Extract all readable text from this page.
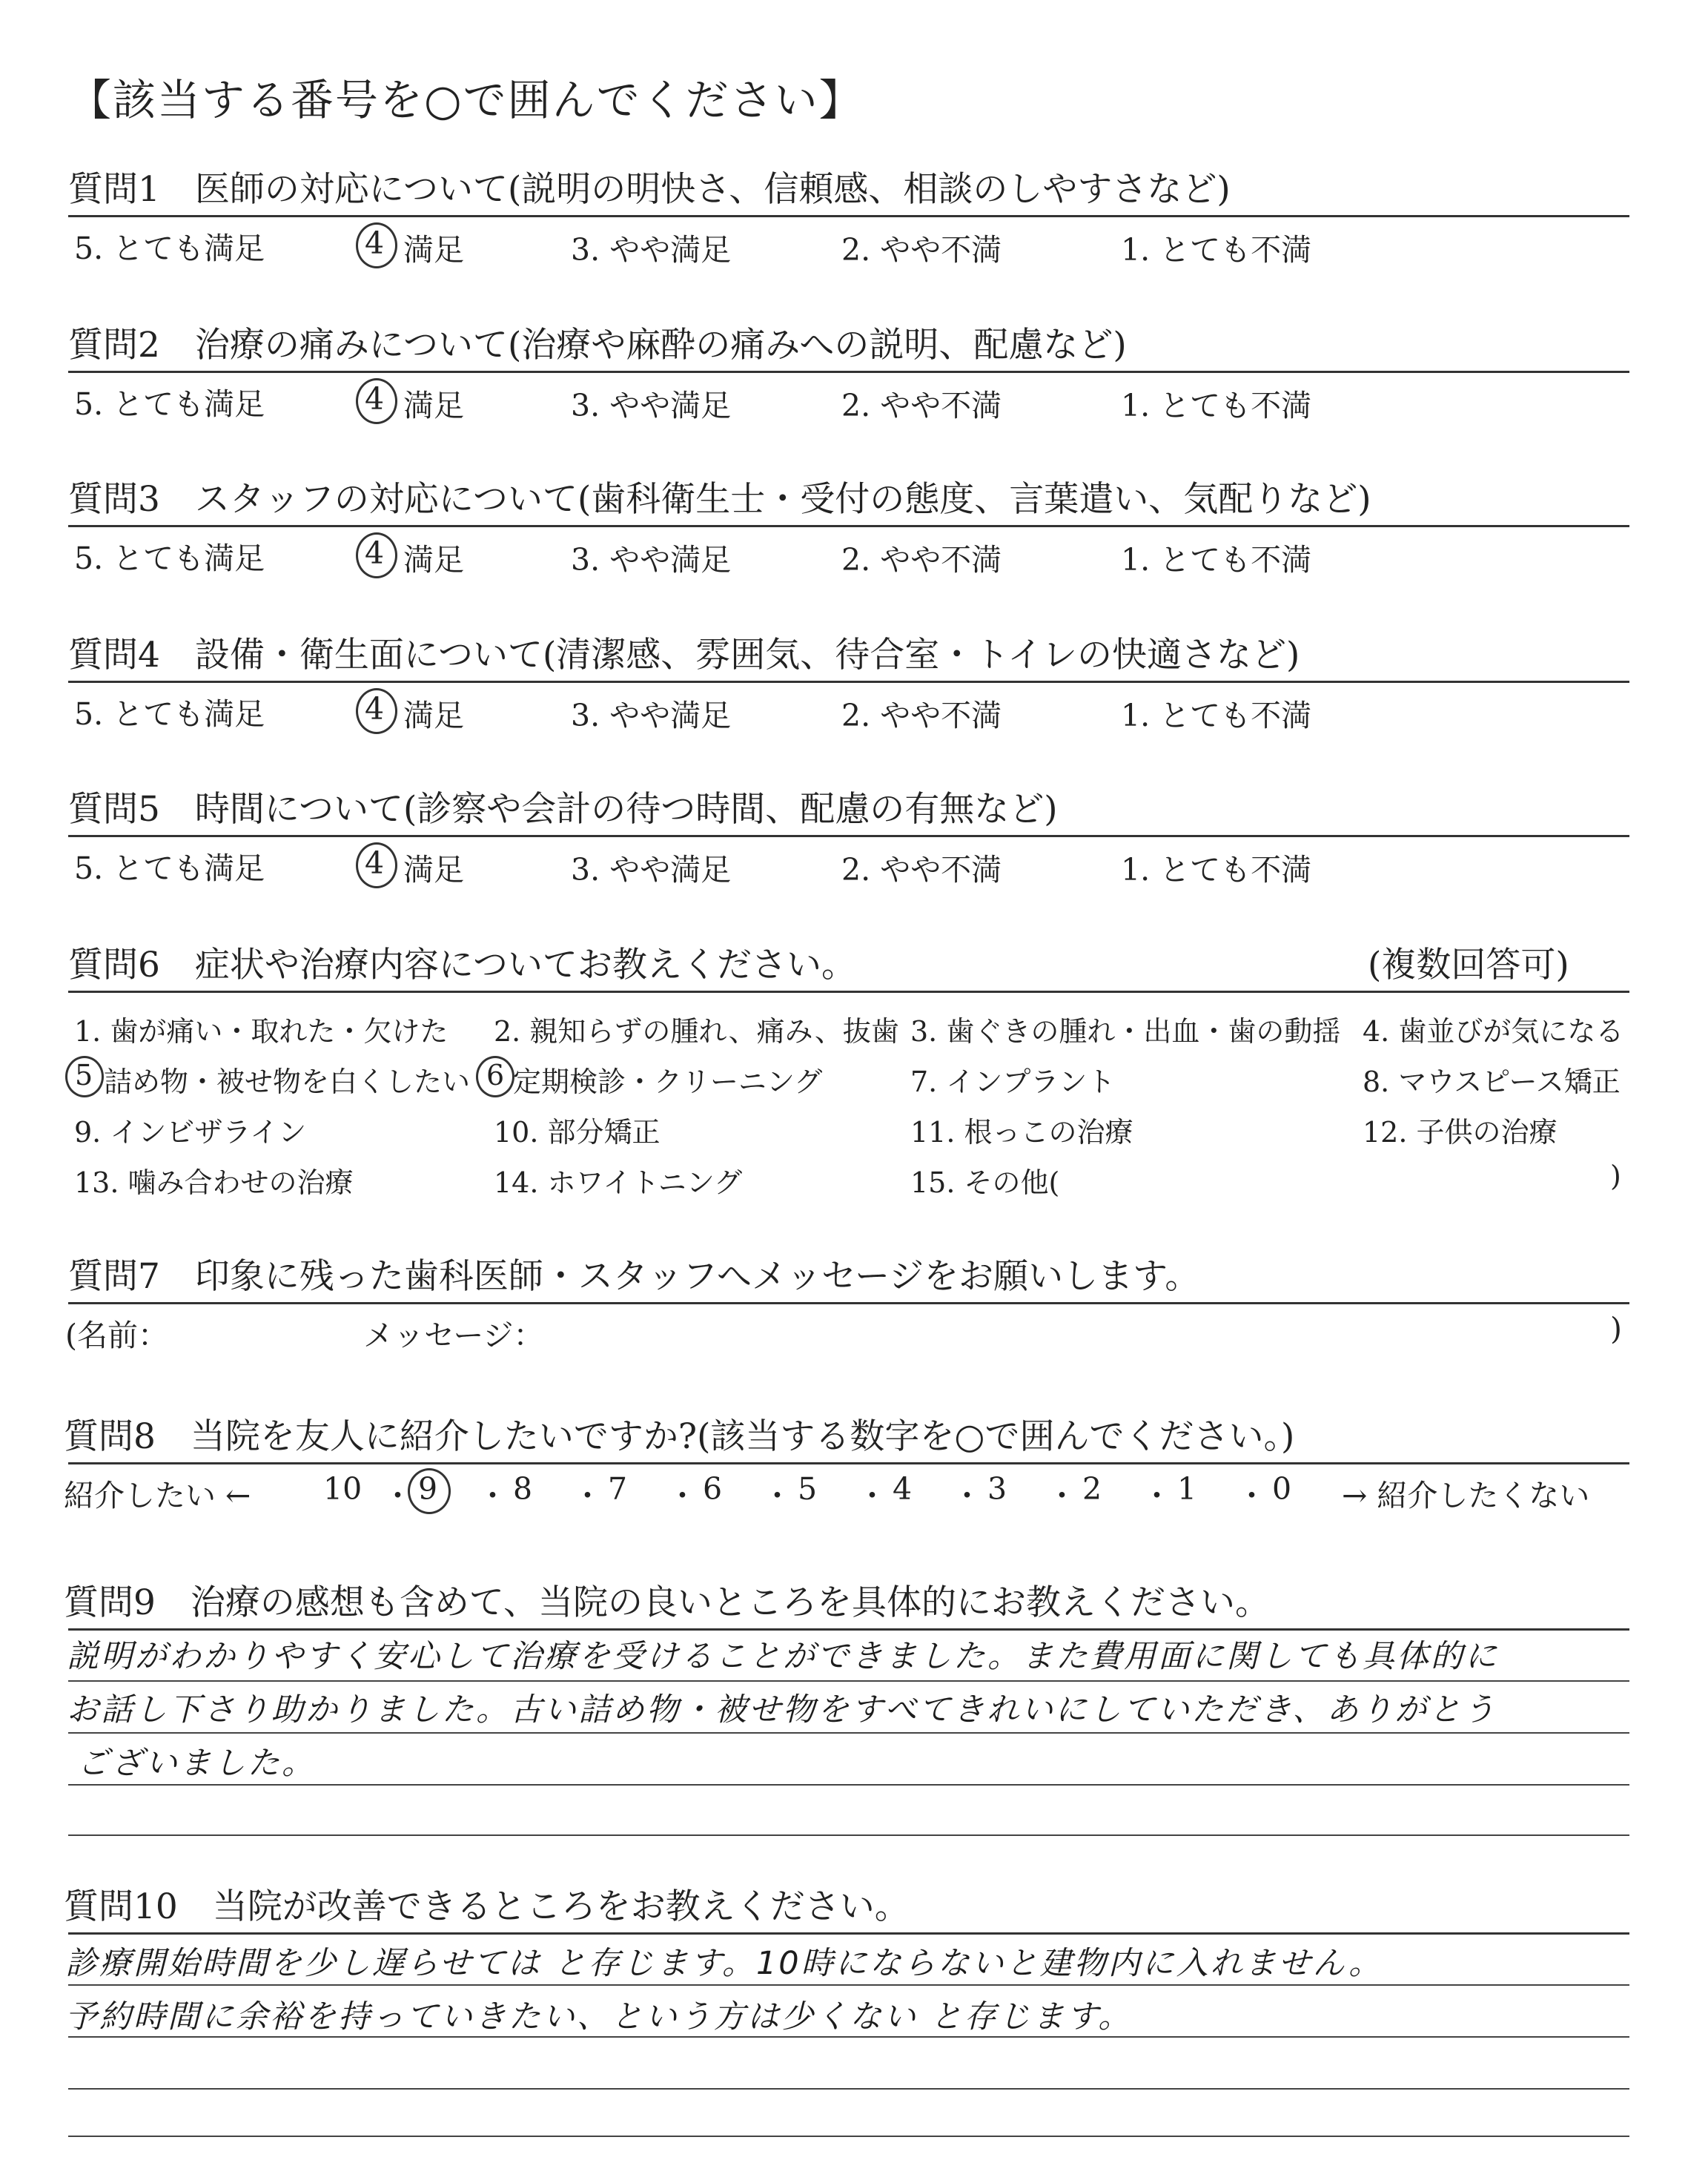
【該当する番号を○で囲んでください】
質問1　医師の対応について(説明の明快さ、信頼感、相談のしやすさなど)
5. とても満足	4 満足	3. やや満足	2. やや不満	1. とても不満
質問2　治療の痛みについて(治療や麻酔の痛みへの説明、配慮など)
5. とても満足	4 満足	3. やや満足	2. やや不満	1. とても不満
質問3　スタッフの対応について(歯科衛生士・受付の態度、言葉遣い、気配りなど)
5. とても満足	4 満足	3. やや満足	2. やや不満	1. とても不満
質問4　設備・衛生面について(清潔感、雰囲気、待合室・トイレの快適さなど)
5. とても満足	4 満足	3. やや満足	2. やや不満	1. とても不満
質問5　時間について(診察や会計の待つ時間、配慮の有無など)
5. とても満足	4 満足	3. やや満足	2. やや不満	1. とても不満
質問6　症状や治療内容についてお教えください。	(複数回答可)
1. 歯が痛い・取れた・欠けた 2. 親知らずの腫れ、痛み、抜歯 3. 歯ぐきの腫れ・出血・歯の動揺 4. 歯並びが気になる
5 詰め物・被せ物を白くしたい 6 定期検診・クリーニング	7. インプラント	8. マウスピース矯正
9. インビザライン	10. 部分矯正	11. 根っこの治療	12. 子供の治療
13. 噛み合わせの治療	14. ホワイトニング	15. その他(	)
質問7　印象に残った歯科医師・スタッフへメッセージをお願いします。
(名前：	メッセージ：	)
質問8　当院を友人に紹介したいですか?(該当する数字を○で囲んでください。)
紹介したい ← 10 ・ 9 ・ 8 ・ 7 ・ 6 ・ 5 ・ 4 ・ 3 ・ 2 ・ 1 ・ 0 → 紹介したくない
質問9　治療の感想も含めて、当院の良いところを具体的にお教えください。
説明がわかりやすく安心して治療を受けることができました。また費用面に関しても具体的に
お話し下さり助かりました。古い詰め物・被せ物をすべてきれいにしていただき、ありがとう
ございました。
質問10　当院が改善できるところをお教えください。
診療開始時間を少し遅らせては と存じます。10時にならないと建物内に入れません。
予約時間に余裕を持っていきたい、という方は少くない と存じます。
